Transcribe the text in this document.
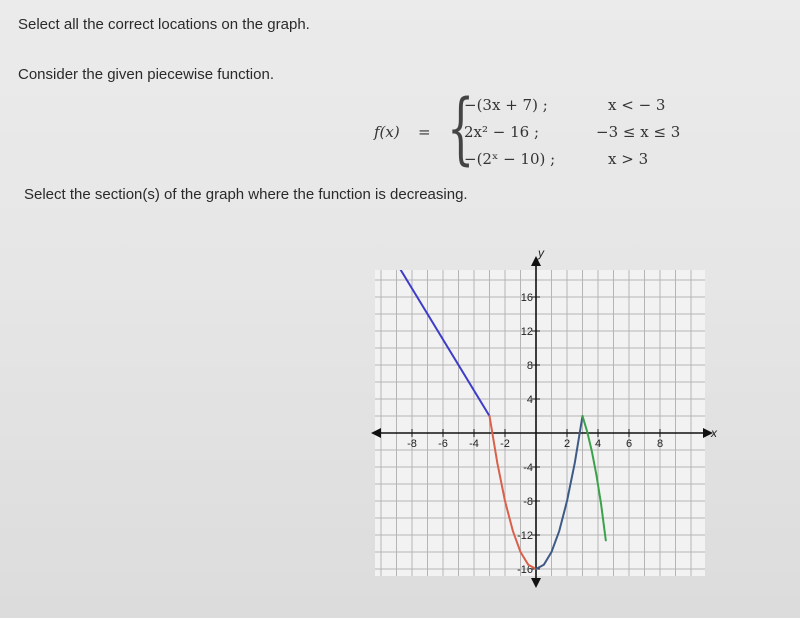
Select all the correct locations on the graph.
Consider the given piecewise function.
f(x) = {
−(3x + 7) ;
2x² − 16 ;
−(2ˣ − 10) ;
x < − 3
−3 ≤ x ≤ 3
x > 3
Select the section(s) of the graph where the function is decreasing.
x
y
-8 -6 -4 -2	2 4 6 8
16
12
8
4
-4
-8
-12
-16
